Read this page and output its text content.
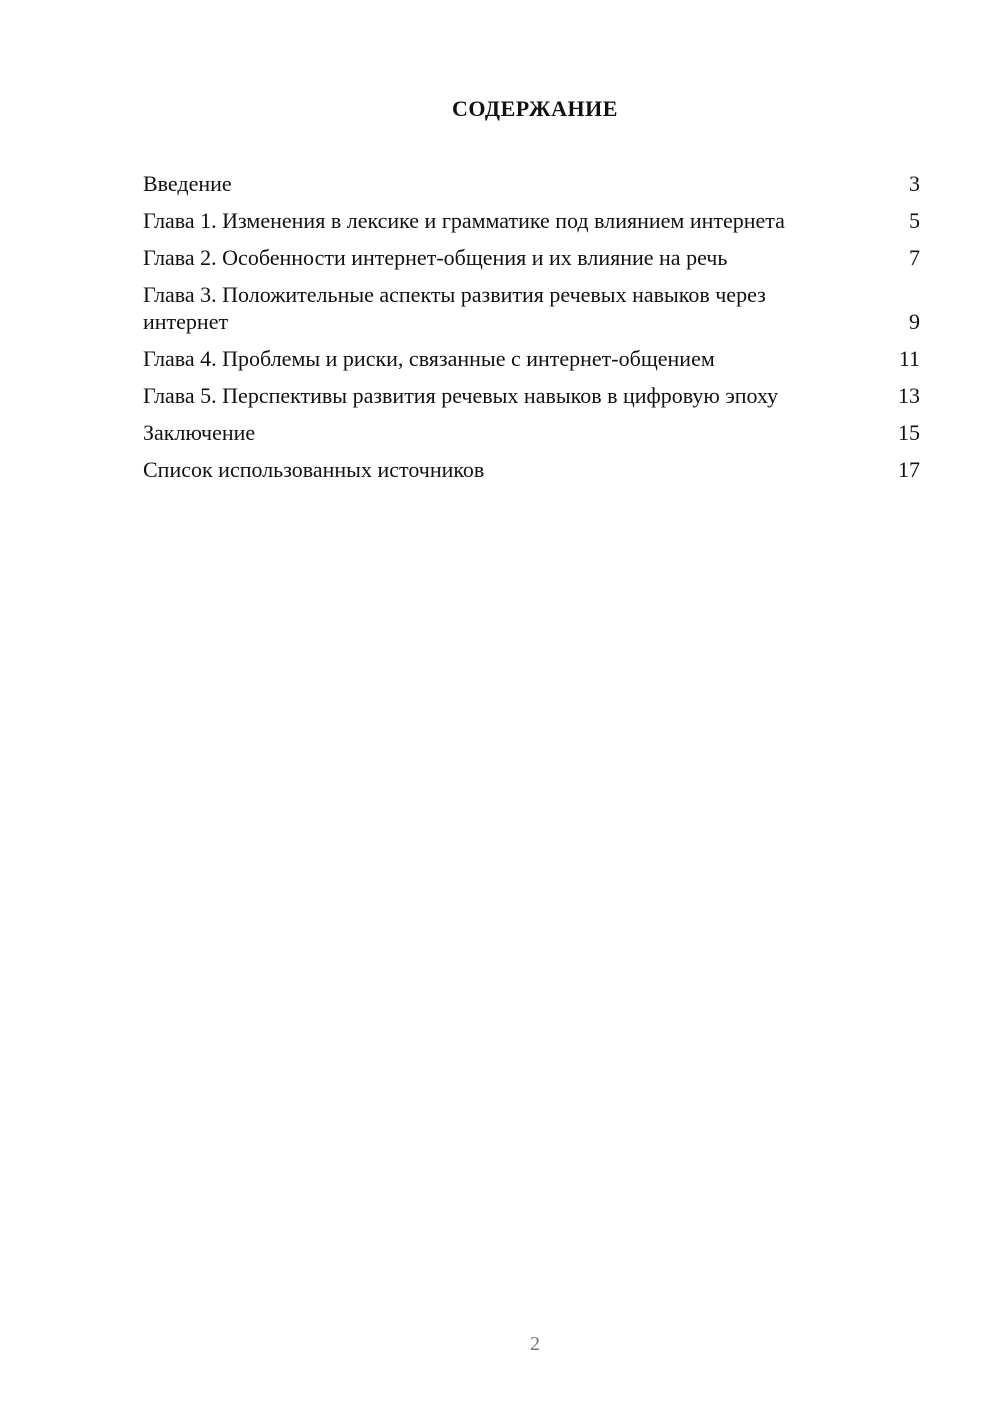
СОДЕРЖАНИЕ
Введение	3
Глава 1. Изменения в лексике и грамматике под влиянием интернета	5
Глава 2. Особенности интернет-общения и их влияние на речь	7
Глава 3. Положительные аспекты развития речевых навыков через интернет	9
Глава 4. Проблемы и риски, связанные с интернет-общением	11
Глава 5. Перспективы развития речевых навыков в цифровую эпоху	13
Заключение	15
Список использованных источников	17
2
